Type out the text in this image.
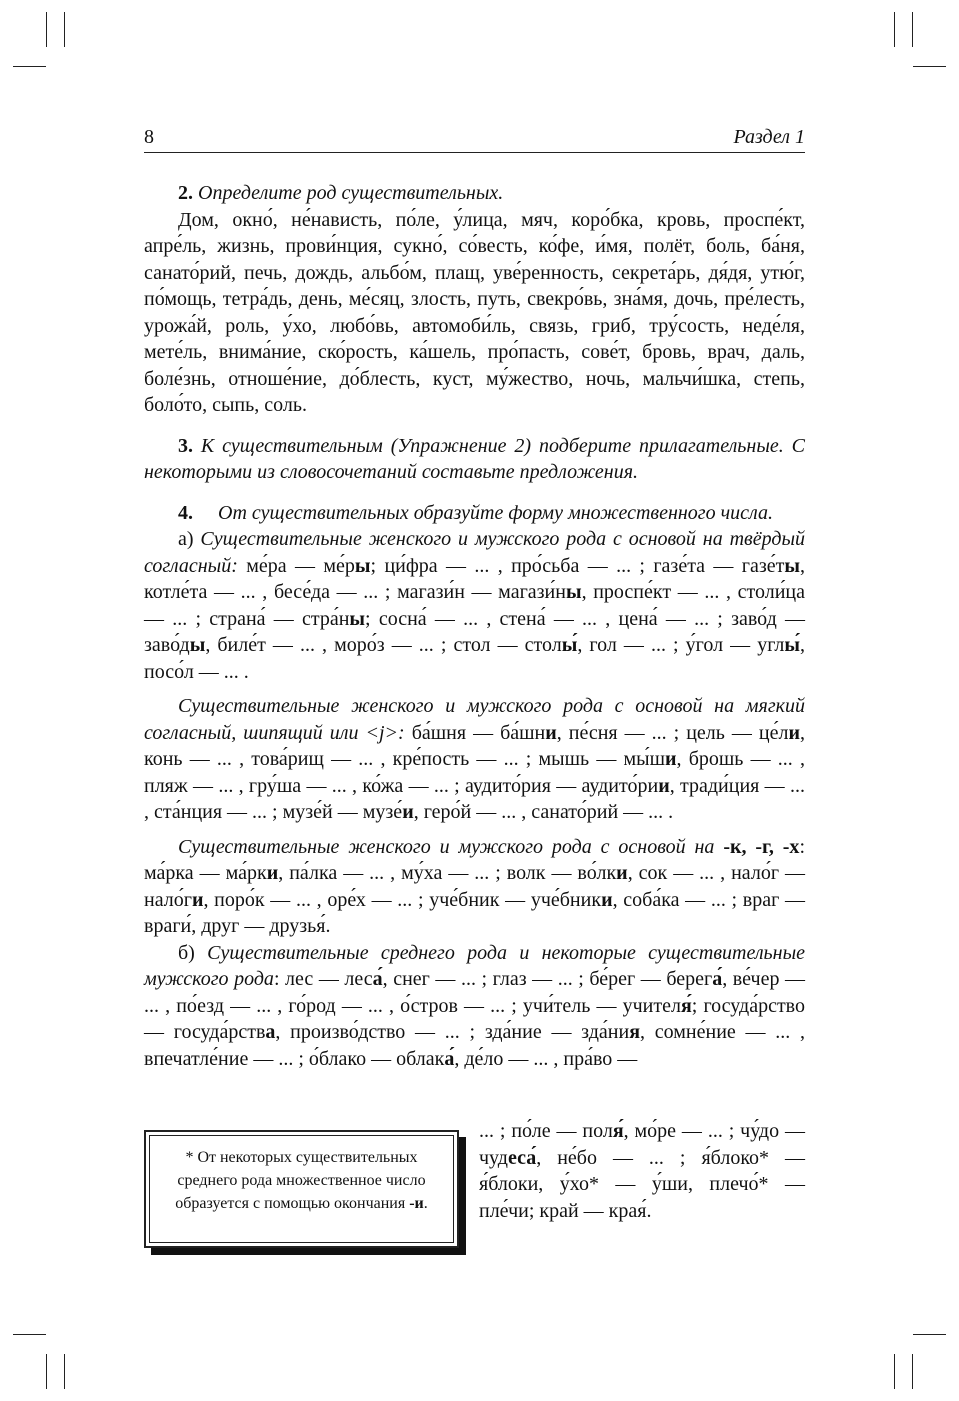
8	Раздел 1

2. Определите род существительных.

Дом, окно́, не́нависть, по́ле, у́лица, мяч, коро́бка, кровь, проспе́кт, апре́ль, жизнь, прови́нция, сукно́, со́весть, ко́фе, и́мя, полёт, боль, ба́ня, санато́рий, печь, дождь, альбо́м, плащ, уве́ренность, секрета́рь, дя́дя, утю́г, по́мощь, тетра́дь, день, ме́сяц, злость, путь, свекро́вь, зна́мя, дочь, пре́лесть, урожа́й, роль, у́хо, любо́вь, автомоби́ль, связь, гриб, тру́сость, неде́ля, мете́ль, внима́ние, ско́рость, ка́шель, про́пасть, сове́т, бровь, врач, даль, боле́знь, отноше́ние, до́блесть, куст, му́жество, ночь, мальчи́шка, степь, боло́то, сыпь, соль.

3. К существительным (Упражнение 2) подберите прилагательные. С некоторыми из словосочетаний составьте предложения.

4. От существительных образуйте форму множественного числа.

а) Существительные женского и мужского рода с основой на твёрдый согласный: ме́ра — ме́ры; ци́фра — ... , про́сьба — ... ; газе́та — газе́ты, котле́та — ... , бесе́да — ... ; магази́н — магази́ны, проспе́кт — ... , столи́ца — ... ; страна́ — стра́ны; сосна́ — ... , стена́ — ... , цена́ — ... ; заво́д — заво́ды, биле́т — ... , моро́з — ... ; стол — столы́, гол — ... ; у́гол — углы́, посо́л — ... .

Существительные женского и мужского рода с основой на мягкий согласный, шипящий или <j>: ба́шня — ба́шни, пе́сня — ... ; цель — це́ли, конь — ... , това́рищ — ... , кре́пость — ... ; мышь — мы́ши, брошь — ... , пляж — ... , гру́ша — ... , ко́жа — ... ; аудито́рия — аудито́рии, тради́ция — ... , ста́нция — ... ; музе́й — музе́и, геро́й — ... , санато́рий — ... .

Существительные женского и мужского рода с основой на -к, -г, -х: ма́рка — ма́рки, па́лка — ... , му́ха — ... ; волк — во́лки, сок — ... , нало́г — нало́ги, поро́к — ... , оре́х — ... ; уче́бник — уче́бники, соба́ка — ... ; враг — враги́, друг — друзья́.

б) Существительные среднего рода и некоторые существительные мужского рода: лес — леса́, снег — ... ; глаз — ... ; бе́рег — берега́, ве́чер — ... , по́езд — ... , го́род — ... , о́стров — ... ; учи́тель — учителя́; госуда́рство — госуда́рства, произво́дство — ... ; зда́ние — зда́ния, сомне́ние — ... , впечатле́ние — ... ; о́блако — облака́, де́ло — ... , пра́во —

... ; по́ле — поля́, мо́ре — ... ; чу́до — чудеса́, не́бо — ... ; я́блоко* — я́блоки, у́хо* — у́ши, плечо́* — пле́чи; край — края́.

* От некоторых существительных среднего рода множественное число образуется с помощью окончания -и.
